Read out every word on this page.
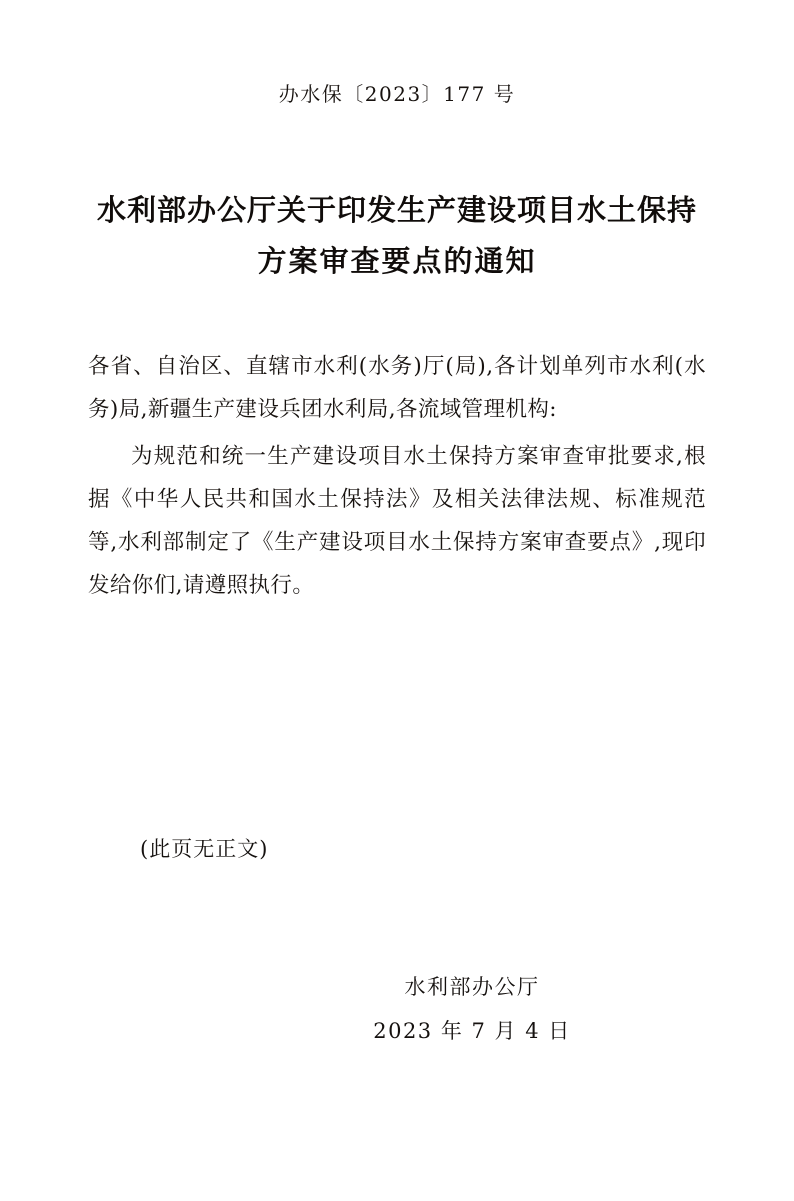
办水保〔2023〕177 号
水利部办公厅关于印发生产建设项目水土保持
方案审查要点的通知
各省、自治区、直辖市水利(水务)厅(局),各计划单列市水利(水务)局,新疆生产建设兵团水利局,各流域管理机构:
为规范和统一生产建设项目水土保持方案审查审批要求,根据《中华人民共和国水土保持法》及相关法律法规、标准规范等,水利部制定了《生产建设项目水土保持方案审查要点》,现印发给你们,请遵照执行。
(此页无正文)
水利部办公厅
2023 年 7 月 4 日
